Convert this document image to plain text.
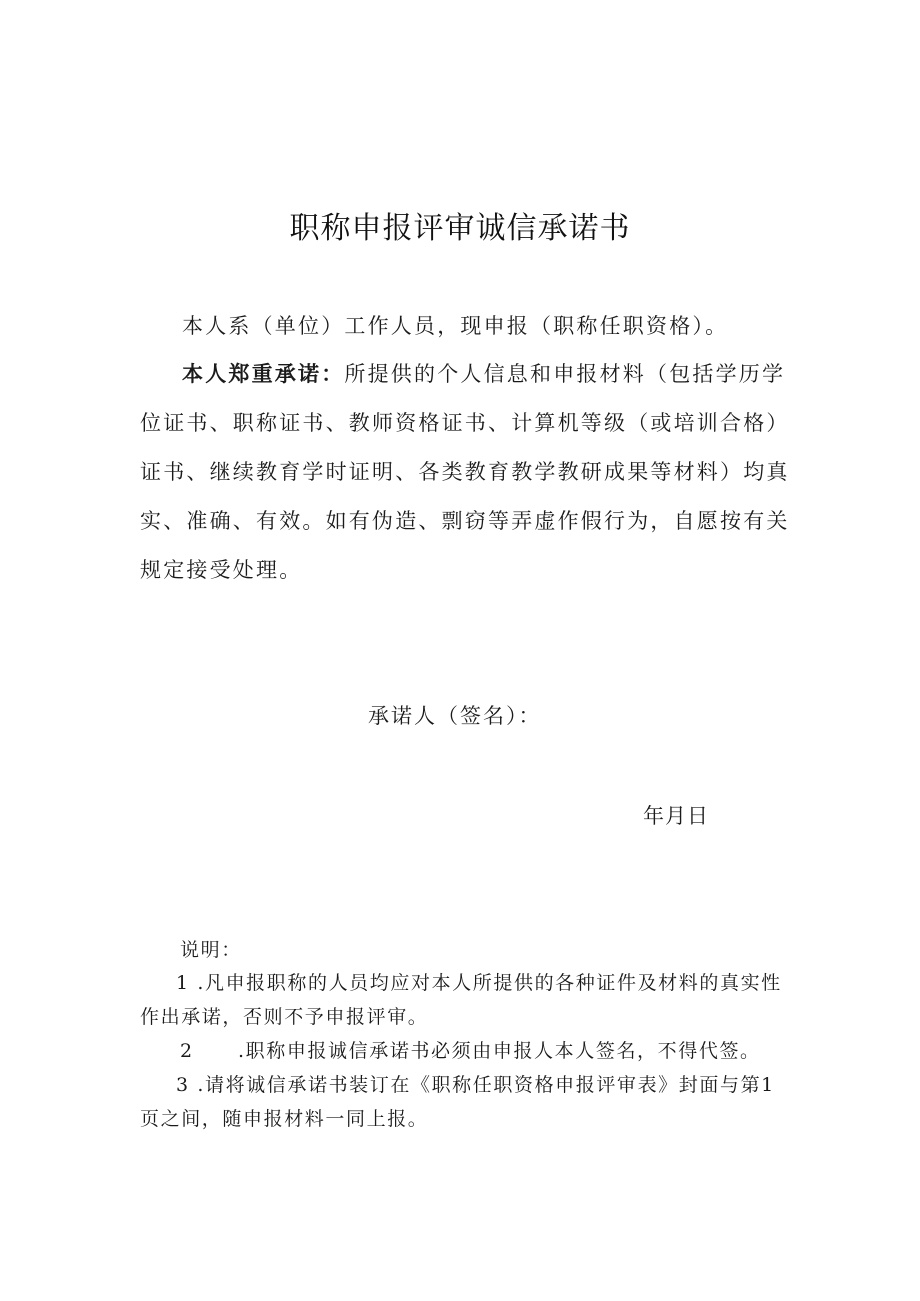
职称申报评审诚信承诺书

本人系（单位）工作人员，现申报（职称任职资格）。

本人郑重承诺：所提供的个人信息和申报材料（包括学历学位证书、职称证书、教师资格证书、计算机等级（或培训合格）证书、继续教育学时证明、各类教育教学教研成果等材料）均真实、准确、有效。如有伪造、剽窃等弄虚作假行为，自愿按有关规定接受处理。

承诺人（签名）：

年月日

说明：

1 .凡申报职称的人员均应对本人所提供的各种证件及材料的真实性作出承诺，否则不予申报评审。

2 .职称申报诚信承诺书必须由申报人本人签名，不得代签。

3 .请将诚信承诺书装订在《职称任职资格申报评审表》封面与第1页之间，随申报材料一同上报。
